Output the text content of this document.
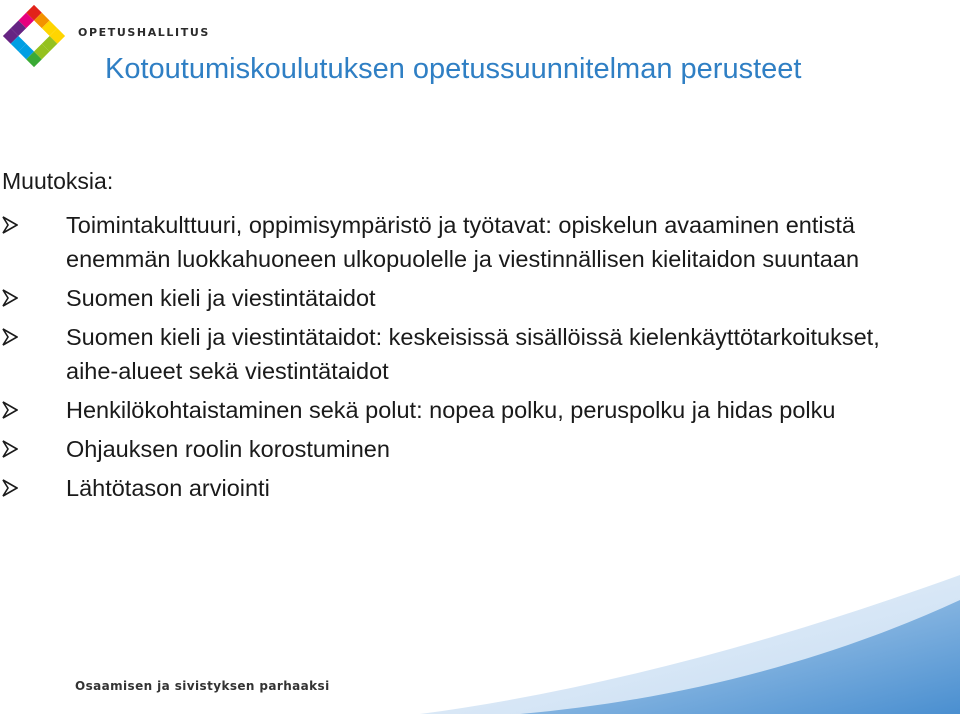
OPETUSHALLITUS
Kotoutumiskoulutuksen opetussuunnitelman perusteet
Muutoksia:
Toimintakulttuuri, oppimisympäristö ja työtavat: opiskelun avaaminen entistä enemmän luokkahuoneen ulkopuolelle ja viestinnällisen kielitaidon suuntaan
Suomen kieli ja viestintätaidot
Suomen kieli ja viestintätaidot: keskeisissä sisällöissä kielenkäyttötarkoitukset, aihe-alueet sekä viestintätaidot
Henkilökohtaistaminen sekä polut: nopea polku, peruspolku ja hidas polku
Ohjauksen roolin korostuminen
Lähtötason arviointi
Osaamisen ja sivistyksen parhaaksi
